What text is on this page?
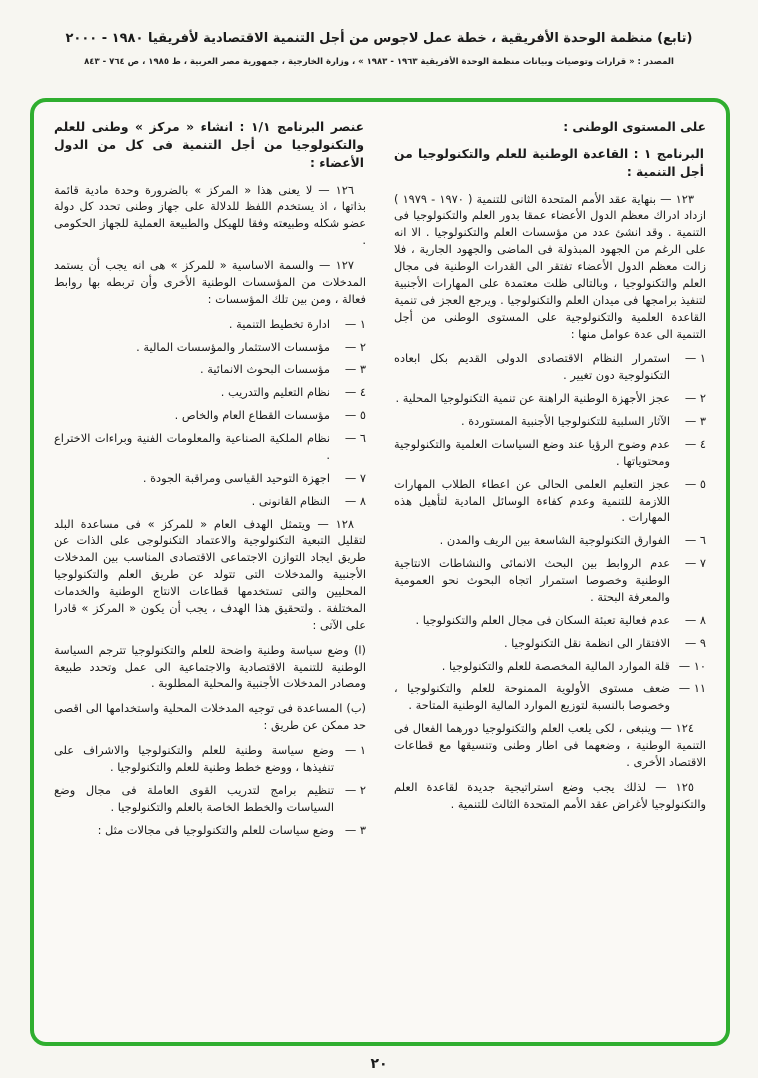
(تابع) منظمة الوحدة الأفريقية ، خطة عمل لاجوس من أجل التنمية الاقتصادية لأفريقيا ١٩٨٠ - ٢٠٠٠
المصدر : « قرارات وتوصيات وبيانات منظمة الوحدة الأفريقية ١٩٦٣ - ١٩٨٣ » ، وزارة الخارجية ، جمهورية مصر العربية ، ط ١٩٨٥ ، ص ٧٦٤ - ٨٤٣
على المستوى الوطنى :
البرنامج ١ : القاعدة الوطنية للعلم والتكنولوجيا من أجل التنمية :

١٢٣ — بنهاية عقد الأمم المتحدة الثانى للتنمية ( ١٩٧٠ - ١٩٧٩ ) ازداد ادراك معظم الدول الأعضاء عمقا بدور العلم والتكنولوجيا فى التنمية . وقد انشئ عدد من مؤسسات العلم والتكنولوجيا . الا انه على الرغم من الجهود المبذولة فى الماضى والجهود الجارية ، فلا زالت معظم الدول الأعضاء تفتقر الى القدرات الوطنية فى مجال العلم والتكنولوجيا ، وبالتالى ظلت معتمدة على المهارات الأجنبية لتنفيذ برامجها فى ميدان العلم والتكنولوجيا . ويرجع العجز فى تنمية القاعدة العلمية والتكنولوجية على المستوى الوطنى من أجل التنمية الى عدة عوامل منها :

١ —
استمرار النظام الاقتصادى الدولى القديم بكل ابعاده التكنولوجية دون تغيير .
٢ —
عجز الأجهزة الوطنية الراهنة عن تنمية التكنولوجيا المحلية .
٣ —
الآثار السلبية للتكنولوجيا الأجنبية المستوردة .
٤ —
عدم وضوح الرؤيا عند وضع السياسات العلمية والتكنولوجية ومحتوياتها .
٥ —
عجز التعليم العلمى الحالى عن اعطاء الطلاب المهارات اللازمة للتنمية وعدم كفاءة الوسائل المادية لتأهيل هذه المهارات .
٦ —
الفوارق التكنولوجية الشاسعة بين الريف والمدن .
٧ —
عدم الروابط بين البحث الانمائى والنشاطات الانتاجية الوطنية وخصوصا استمرار اتجاه البحوث نحو العمومية والمعرفة البحتة .
٨ —
عدم فعالية تعبئة السكان فى مجال العلم والتكنولوجيا .
٩ —
الافتقار الى انظمة نقل التكنولوجيا .
١٠ —
قلة الموارد المالية المخصصة للعلم والتكنولوجيا .
١١ —
ضعف مستوى الأولوية الممنوحة للعلم والتكنولوجيا ، وخصوصا بالنسبة لتوزيع الموارد المالية الوطنية المتاحة .

١٢٤ — وينبغى ، لكى يلعب العلم والتكنولوجيا دورهما الفعال فى التنمية الوطنية ، وضعهما فى اطار وطنى وتنسيقها مع قطاعات الاقتصاد الأخرى .

١٢٥ — لذلك يجب وضع استراتيجية جديدة لقاعدة العلم والتكنولوجيا لأغراض عقد الأمم المتحدة الثالث للتنمية .

عنصر البرنامج ١/١ : انشاء « مركز » وطنى للعلم والتكنولوجيا من أجل التنمية فى كل من الدول الأعضاء :

١٢٦ — لا يعنى هذا « المركز » بالضرورة وحدة مادية قائمة بذاتها ، اذ يستخدم اللفظ للدلالة على جهاز وطنى تحدد كل دولة عضو شكله وطبيعته وفقا للهيكل والطبيعة العملية للجهاز الحكومى .

١٢٧ — والسمة الاساسية « للمركز » هى انه يجب أن يستمد المدخلات من المؤسسات الوطنية الأخرى وأن تربطه بها روابط فعالة ، ومن بين تلك المؤسسات :

١ —
ادارة تخطيط التنمية .
٢ —
مؤسسات الاستثمار والمؤسسات المالية .
٣ —
مؤسسات البحوث الانمائية .
٤ —
نظام التعليم والتدريب .
٥ —
مؤسسات القطاع العام والخاص .
٦ —
نظام الملكية الصناعية والمعلومات الفنية وبراءات الاختراع .
٧ —
اجهزة التوحيد القياسى ومراقبة الجودة .
٨ —
النظام القانونى .

١٢٨ — ويتمثل الهدف العام « للمركز » فى مساعدة البلد لتقليل التبعية التكنولوجية والاعتماد التكنولوجى على الذات عن طريق ايجاد التوازن الاجتماعى الاقتصادى المناسب بين المدخلات الأجنبية والمدخلات التى تتولد عن طريق العلم والتكنولوجيا المحليين والتى تستخدمها قطاعات الانتاج الوطنية والخدمات المختلفة . ولتحقيق هذا الهدف ، يجب أن يكون « المركز » قادرا على الآتى :

(ا) وضع سياسة وطنية واضحة للعلم والتكنولوجيا تترجم السياسة الوطنية للتنمية الاقتصادية والاجتماعية الى عمل وتحدد طبيعة ومصادر المدخلات الأجنبية والمحلية المطلوبة .

(ب) المساعدة فى توجيه المدخلات المحلية واستخدامها الى اقصى حد ممكن عن طريق :

١ —
وضع سياسة وطنية للعلم والتكنولوجيا والاشراف على تنفيذها ، ووضع خطط وطنية للعلم والتكنولوجيا .
٢ —
تنظيم برامج لتدريب القوى العاملة فى مجال وضع السياسات والخطط الخاصة بالعلم والتكنولوجيا .
٣ —
وضع سياسات للعلم والتكنولوجيا فى مجالات مثل :
٢٠
